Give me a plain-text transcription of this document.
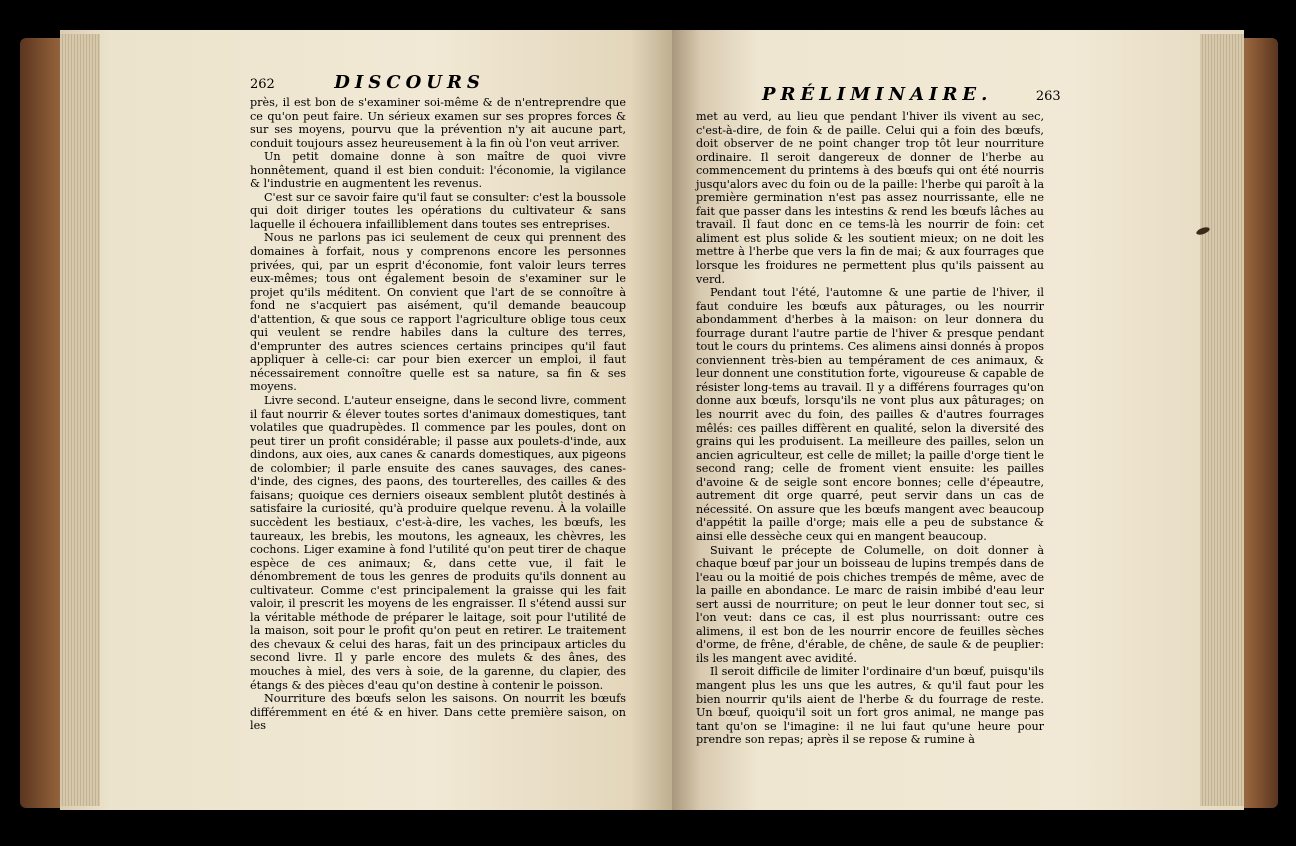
262	DISCOURS

près, il est bon de s'examiner soi-même & de n'entreprendre que ce qu'on peut faire. Un sérieux examen sur ses propres forces & sur ses moyens, pourvu que la prévention n'y ait aucune part, conduit toujours assez heureusement à la fin où l'on veut arriver.

Un petit domaine donne à son maître de quoi vivre honnêtement, quand il est bien conduit: l'économie, la vigilance & l'industrie en augmentent les revenus.

C'est sur ce savoir faire qu'il faut se consulter: c'est la boussole qui doit diriger toutes les opérations du cultivateur & sans laquelle il échouera infailliblement dans toutes ses entreprises.

Nous ne parlons pas ici seulement de ceux qui prennent des domaines à forfait, nous y comprenons encore les personnes privées, qui, par un esprit d'économie, font valoir leurs terres eux-mêmes; tous ont également besoin de s'examiner sur le projet qu'ils méditent. On convient que l'art de se connoître à fond ne s'acquiert pas aisément, qu'il demande beaucoup d'attention, & que sous ce rapport l'agriculture oblige tous ceux qui veulent se rendre habiles dans la culture des terres, d'emprunter des autres sciences certains principes qu'il faut appliquer à celle-ci: car pour bien exercer un emploi, il faut nécessairement connoître quelle est sa nature, sa fin & ses moyens.

Livre second. L'auteur enseigne, dans le second livre, comment il faut nourrir & élever toutes sortes d'animaux domestiques, tant volatiles que quadrupèdes. Il commence par les poules, dont on peut tirer un profit considérable; il passe aux poulets-d'inde, aux dindons, aux oies, aux canes & canards domestiques, aux pigeons de colombier; il parle ensuite des canes sauvages, des canes-d'inde, des cignes, des paons, des tourterelles, des cailles & des faisans; quoique ces derniers oiseaux semblent plutôt destinés à satisfaire la curiosité, qu'à produire quelque revenu. À la volaille succèdent les bestiaux, c'est-à-dire, les vaches, les bœufs, les taureaux, les brebis, les moutons, les agneaux, les chèvres, les cochons. Liger examine à fond l'utilité qu'on peut tirer de chaque espèce de ces animaux; &, dans cette vue, il fait le dénombrement de tous les genres de produits qu'ils donnent au cultivateur. Comme c'est principalement la graisse qui les fait valoir, il prescrit les moyens de les engraisser. Il s'étend aussi sur la véritable méthode de préparer le laitage, soit pour l'utilité de la maison, soit pour le profit qu'on peut en retirer. Le traitement des chevaux & celui des haras, fait un des principaux articles du second livre. Il y parle encore des mulets & des ânes, des mouches à miel, des vers à soie, de la garenne, du clapier, des étangs & des pièces d'eau qu'on destine à contenir le poisson.

Nourriture des bœufs selon les saisons. On nourrit les bœufs différemment en été & en hiver. Dans cette première saison, on les

PRÉLIMINAIRE.	263

met au verd, au lieu que pendant l'hiver ils vivent au sec, c'est-à-dire, de foin & de paille. Celui qui a foin des bœufs, doit observer de ne point changer trop tôt leur nourriture ordinaire. Il seroit dangereux de donner de l'herbe au commencement du printems à des bœufs qui ont été nourris jusqu'alors avec du foin ou de la paille: l'herbe qui paroît à la première germination n'est pas assez nourrissante, elle ne fait que passer dans les intestins & rend les bœufs lâches au travail. Il faut donc en ce tems-là les nourrir de foin: cet aliment est plus solide & les soutient mieux; on ne doit les mettre à l'herbe que vers la fin de mai; & aux fourrages que lorsque les froidures ne permettent plus qu'ils paissent au verd.

Pendant tout l'été, l'automne & une partie de l'hiver, il faut conduire les bœufs aux pâturages, ou les nourrir abondamment d'herbes à la maison: on leur donnera du fourrage durant l'autre partie de l'hiver & presque pendant tout le cours du printems. Ces alimens ainsi donnés à propos conviennent très-bien au tempérament de ces animaux, & leur donnent une constitution forte, vigoureuse & capable de résister long-tems au travail. Il y a différens fourrages qu'on donne aux bœufs, lorsqu'ils ne vont plus aux pâturages; on les nourrit avec du foin, des pailles & d'autres fourrages mêlés: ces pailles diffèrent en qualité, selon la diversité des grains qui les produisent. La meilleure des pailles, selon un ancien agriculteur, est celle de millet; la paille d'orge tient le second rang; celle de froment vient ensuite: les pailles d'avoine & de seigle sont encore bonnes; celle d'épeautre, autrement dit orge quarré, peut servir dans un cas de nécessité. On assure que les bœufs mangent avec beaucoup d'appétit la paille d'orge; mais elle a peu de substance & ainsi elle dessèche ceux qui en mangent beaucoup.

Suivant le précepte de Columelle, on doit donner à chaque bœuf par jour un boisseau de lupins trempés dans de l'eau ou la moitié de pois chiches trempés de même, avec de la paille en abondance. Le marc de raisin imbibé d'eau leur sert aussi de nourriture; on peut le leur donner tout sec, si l'on veut: dans ce cas, il est plus nourrissant: outre ces alimens, il est bon de les nourrir encore de feuilles sèches d'orme, de frêne, d'érable, de chêne, de saule & de peuplier: ils les mangent avec avidité.

Il seroit difficile de limiter l'ordinaire d'un bœuf, puisqu'ils mangent plus les uns que les autres, & qu'il faut pour les bien nourrir qu'ils aient de l'herbe & du fourrage de reste. Un bœuf, quoiqu'il soit un fort gros animal, ne mange pas tant qu'on se l'imagine: il ne lui faut qu'une heure pour prendre son repas; après il se repose & rumine à
